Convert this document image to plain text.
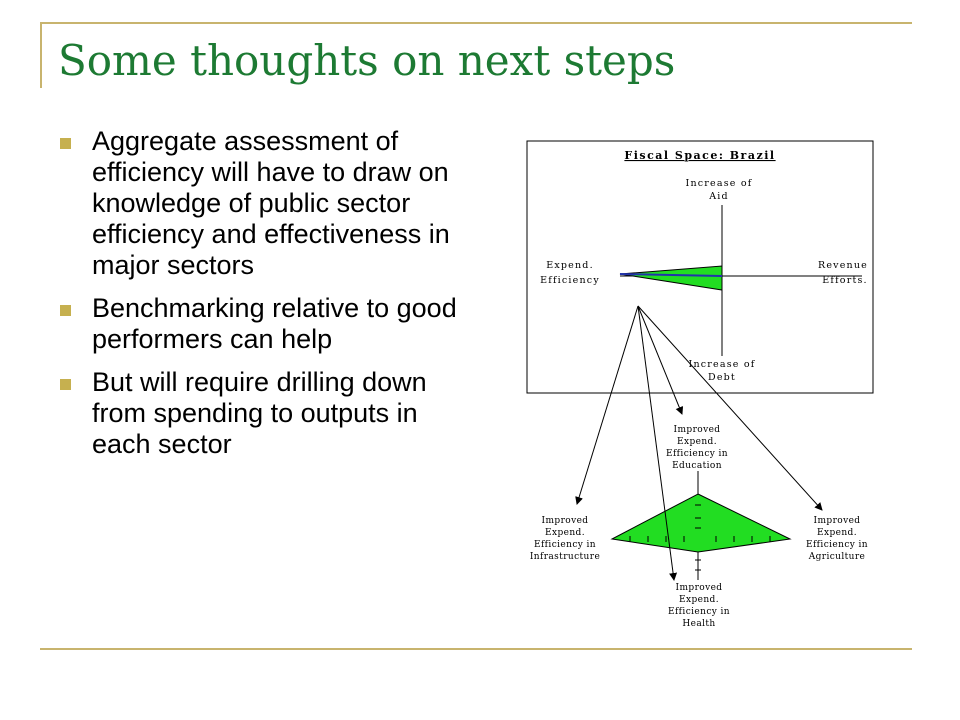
Some thoughts on next steps
Aggregate assessment of efficiency will have to draw on knowledge of public sector efficiency and effectiveness in major sectors
Benchmarking relative to good performers can help
But will require drilling down from spending to outputs in each sector
Fiscal Space: Brazil
Increase of
Aid
Expend.
Efficiency
Revenue
Efforts.
Increase of
Debt
Improved
Expend.
Efficiency in
Education
Improved
Expend.
Efficiency in
Infrastructure
Improved
Expend.
Efficiency in
Agriculture
Improved
Expend.
Efficiency in
Health
